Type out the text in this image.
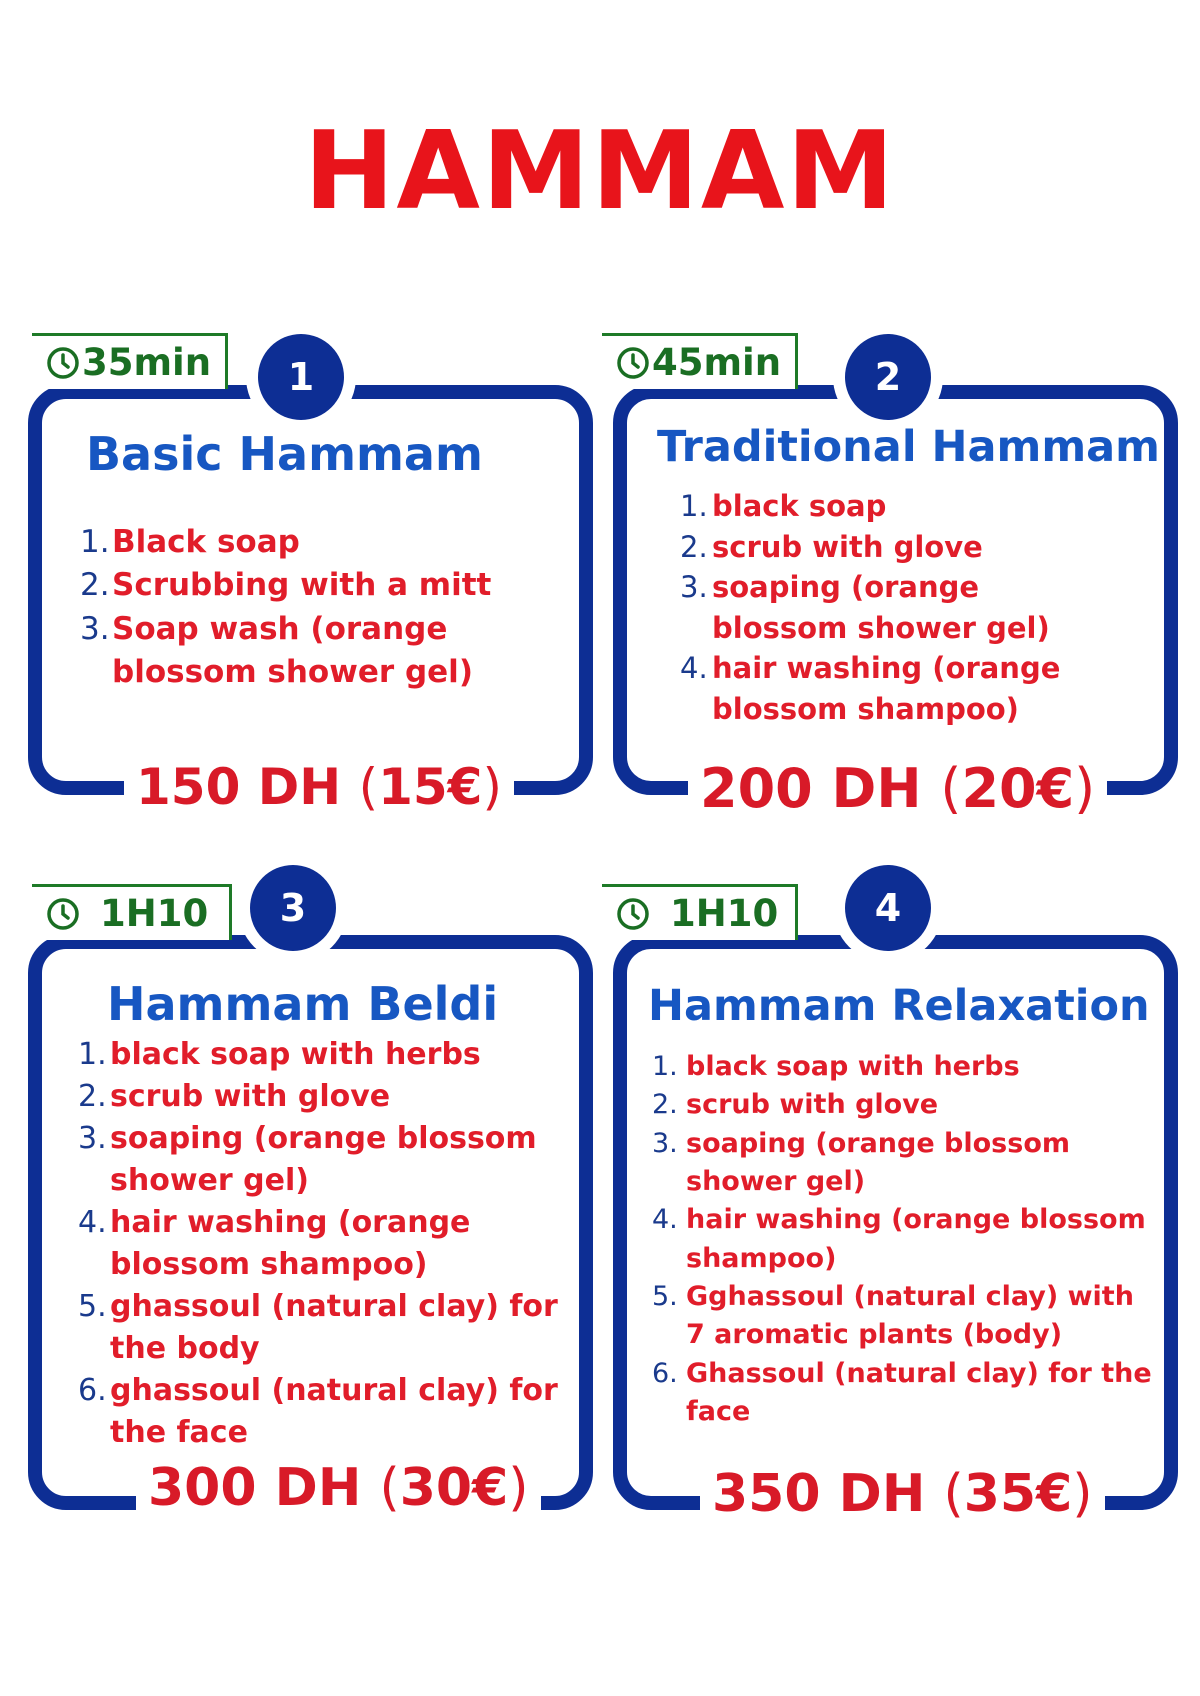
HAMMAM
35min	1
Basic Hammam
1. Black soap
2. Scrubbing with a mitt
3. Soap wash (orange blossom shower gel)
150 DH (15€)
45min	2
Traditional Hammam
1. black soap
2. scrub with glove
3. soaping (orange blossom shower gel)
4. hair washing (orange blossom shampoo)
200 DH (20€)
1H10	3
Hammam Beldi
1. black soap with herbs
2. scrub with glove
3. soaping (orange blossom shower gel)
4. hair washing (orange blossom shampoo)
5. ghassoul (natural clay) for the body
6. ghassoul (natural clay) for the face
300 DH (30€)
1H10	4
Hammam Relaxation
1. black soap with herbs
2. scrub with glove
3. soaping (orange blossom shower gel)
4. hair washing (orange blossom shampoo)
5. Gghassoul (natural clay) with 7 aromatic plants (body)
6. Ghassoul (natural clay) for the face
350 DH (35€)
